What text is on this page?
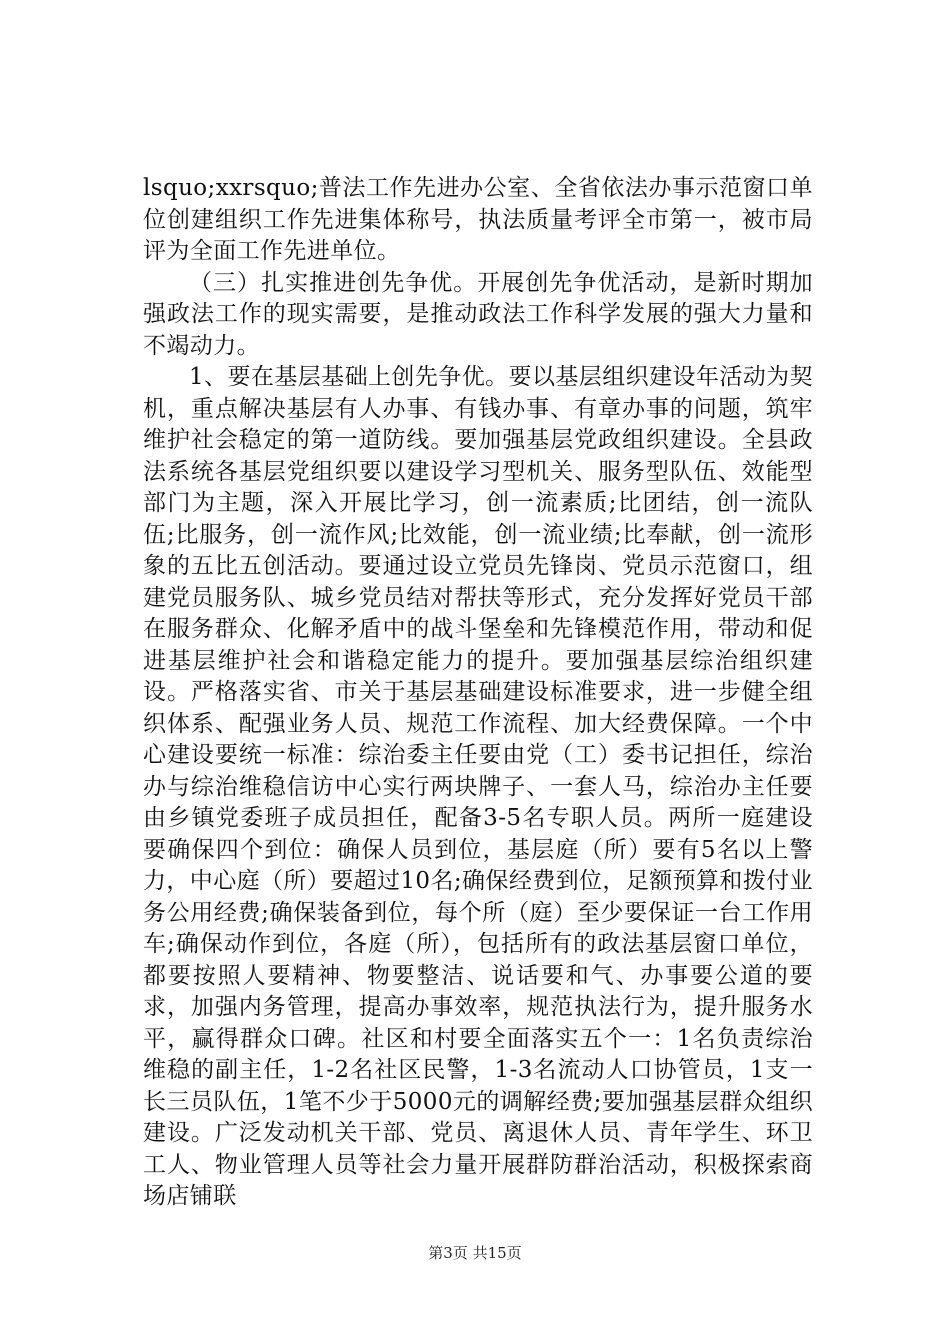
lsquo;xxrsquo;普法工作先进办公室、全省依法办事示范窗口单位创建组织工作先进集体称号，执法质量考评全市第一，被市局评为全面工作先进单位。

（三）扎实推进创先争优。开展创先争优活动，是新时期加强政法工作的现实需要，是推动政法工作科学发展的强大力量和不竭动力。

1、要在基层基础上创先争优。要以基层组织建设年活动为契机，重点解决基层有人办事、有钱办事、有章办事的问题，筑牢维护社会稳定的第一道防线。要加强基层党政组织建设。全县政法系统各基层党组织要以建设学习型机关、服务型队伍、效能型部门为主题，深入开展比学习，创一流素质;比团结，创一流队伍;比服务，创一流作风;比效能，创一流业绩;比奉献，创一流形象的五比五创活动。要通过设立党员先锋岗、党员示范窗口，组建党员服务队、城乡党员结对帮扶等形式，充分发挥好党员干部在服务群众、化解矛盾中的战斗堡垒和先锋模范作用，带动和促进基层维护社会和谐稳定能力的提升。要加强基层综治组织建设。严格落实省、市关于基层基础建设标准要求，进一步健全组织体系、配强业务人员、规范工作流程、加大经费保障。一个中心建设要统一标准：综治委主任要由党（工）委书记担任，综治办与综治维稳信访中心实行两块牌子、一套人马，综治办主任要由乡镇党委班子成员担任，配备3-5名专职人员。两所一庭建设要确保四个到位：确保人员到位，基层庭（所）要有5名以上警力，中心庭（所）要超过10名;确保经费到位，足额预算和拨付业务公用经费;确保装备到位，每个所（庭）至少要保证一台工作用车;确保动作到位，各庭（所），包括所有的政法基层窗口单位，都要按照人要精神、物要整洁、说话要和气、办事要公道的要求，加强内务管理，提高办事效率，规范执法行为，提升服务水平，赢得群众口碑。社区和村要全面落实五个一：1名负责综治维稳的副主任，1-2名社区民警，1-3名流动人口协管员，1支一长三员队伍，1笔不少于5000元的调解经费;要加强基层群众组织建设。广泛发动机关干部、党员、离退休人员、青年学生、环卫工人、物业管理人员等社会力量开展群防群治活动，积极探索商场店铺联

第3页 共15页
